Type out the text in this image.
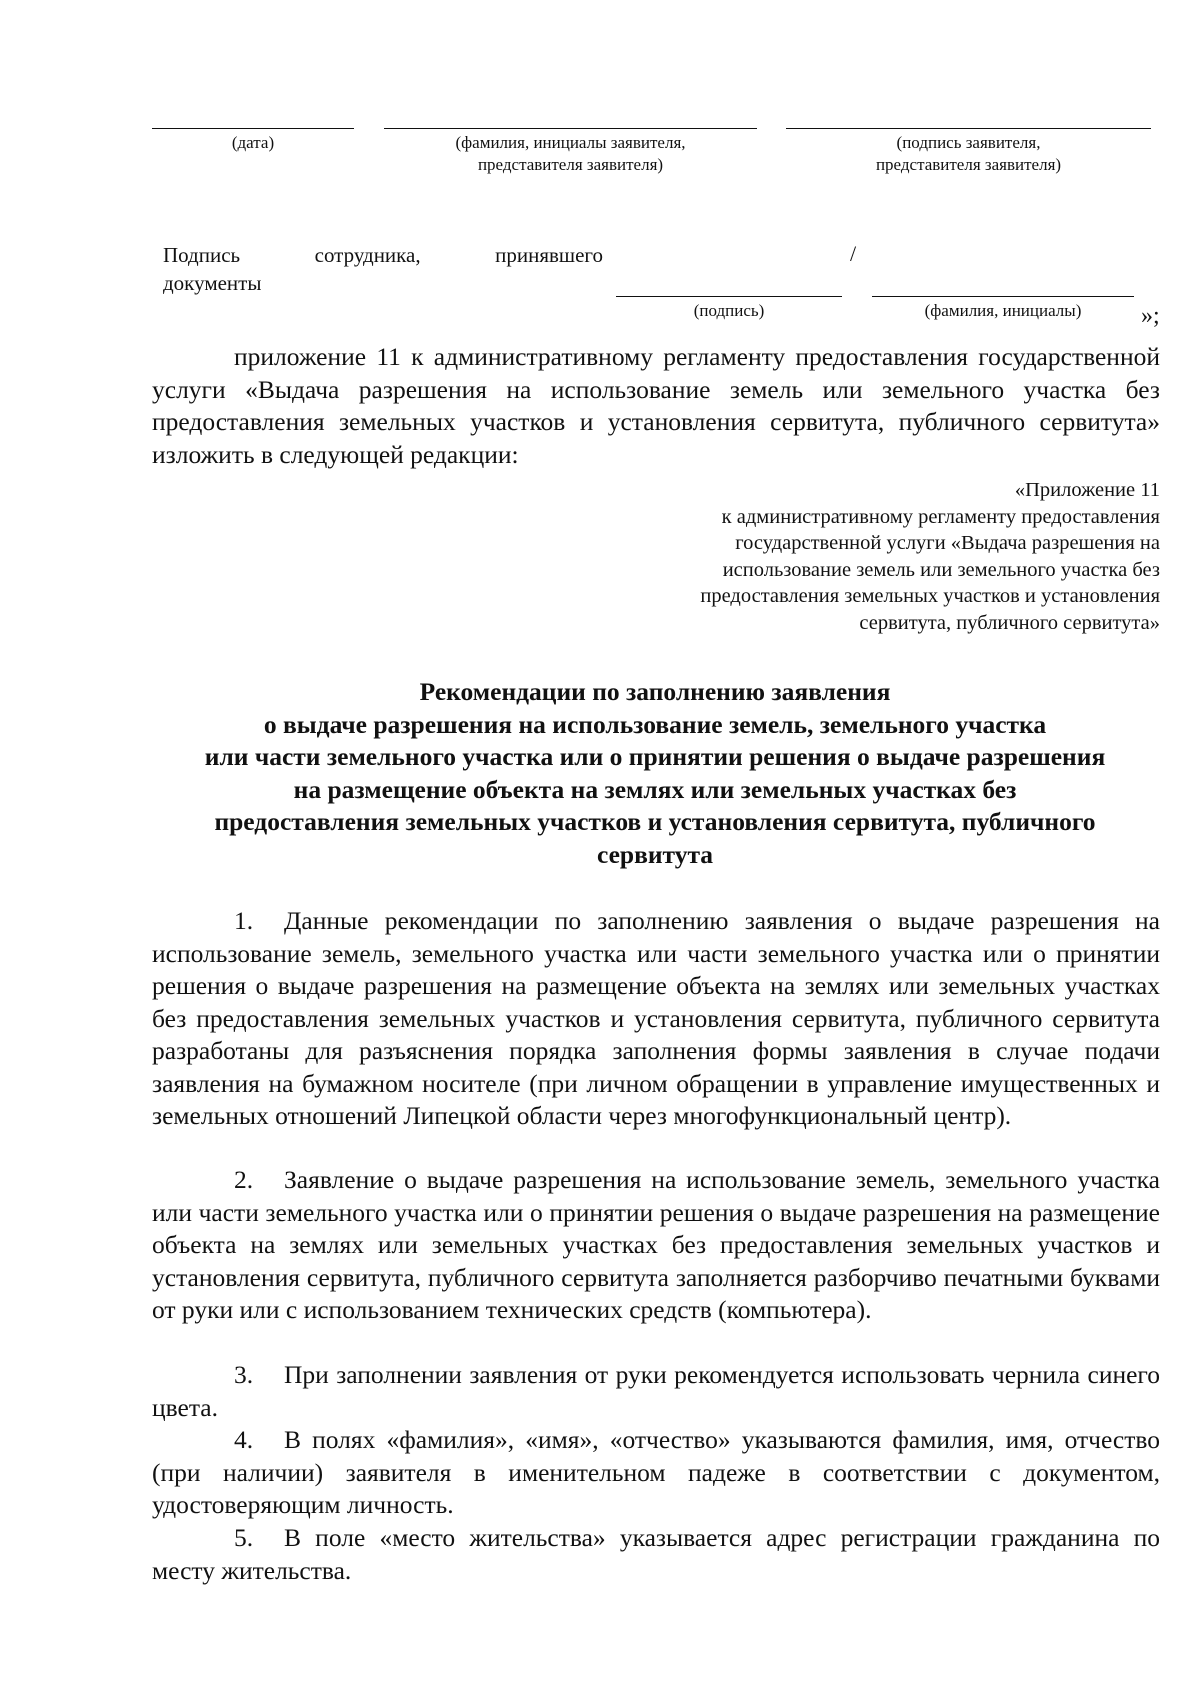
(дата)	(фамилия, инициалы заявителя,
представителя заявителя)
(подпись заявителя,
представителя заявителя)
Подпись	сотрудника,	принявшего
документы
/
(подпись)	(фамилия, инициалы)	»;
приложение 11 к административному регламенту предоставления государственной услуги «Выдача разрешения на использование земель или земельного участка без предоставления земельных участков и установления сервитута, публичного сервитута» изложить в следующей редакции:
«Приложение 11
к административному регламенту предоставления
государственной услуги «Выдача разрешения на
использование земель или земельного участка без
предоставления земельных участков и установления
сервитута, публичного сервитута»
Рекомендации по заполнению заявления
о выдаче разрешения на использование земель, земельного участка
или части земельного участка или о принятии решения о выдаче разрешения
на размещение объекта на землях или земельных участках без
предоставления земельных участков и установления сервитута, публичного
сервитута
1. Данные рекомендации по заполнению заявления о выдаче разрешения на использование земель, земельного участка или части земельного участка или о принятии решения о выдаче разрешения на размещение объекта на землях или земельных участках без предоставления земельных участков и установления сервитута, публичного сервитута разработаны для разъяснения порядка заполнения формы заявления в случае подачи заявления на бумажном носителе (при личном обращении в управление имущественных и земельных отношений Липецкой области через многофункциональный центр).
2. Заявление о выдаче разрешения на использование земель, земельного участка или части земельного участка или о принятии решения о выдаче разрешения на размещение объекта на землях или земельных участках без предоставления земельных участков и установления сервитута, публичного сервитута заполняется разборчиво печатными буквами от руки или с использованием технических средств (компьютера).
3. При заполнении заявления от руки рекомендуется использовать чернила синего цвета.
4. В полях «фамилия», «имя», «отчество» указываются фамилия, имя, отчество (при наличии) заявителя в именительном падеже в соответствии с документом, удостоверяющим личность.
5. В поле «место жительства» указывается адрес регистрации гражданина по месту жительства.
